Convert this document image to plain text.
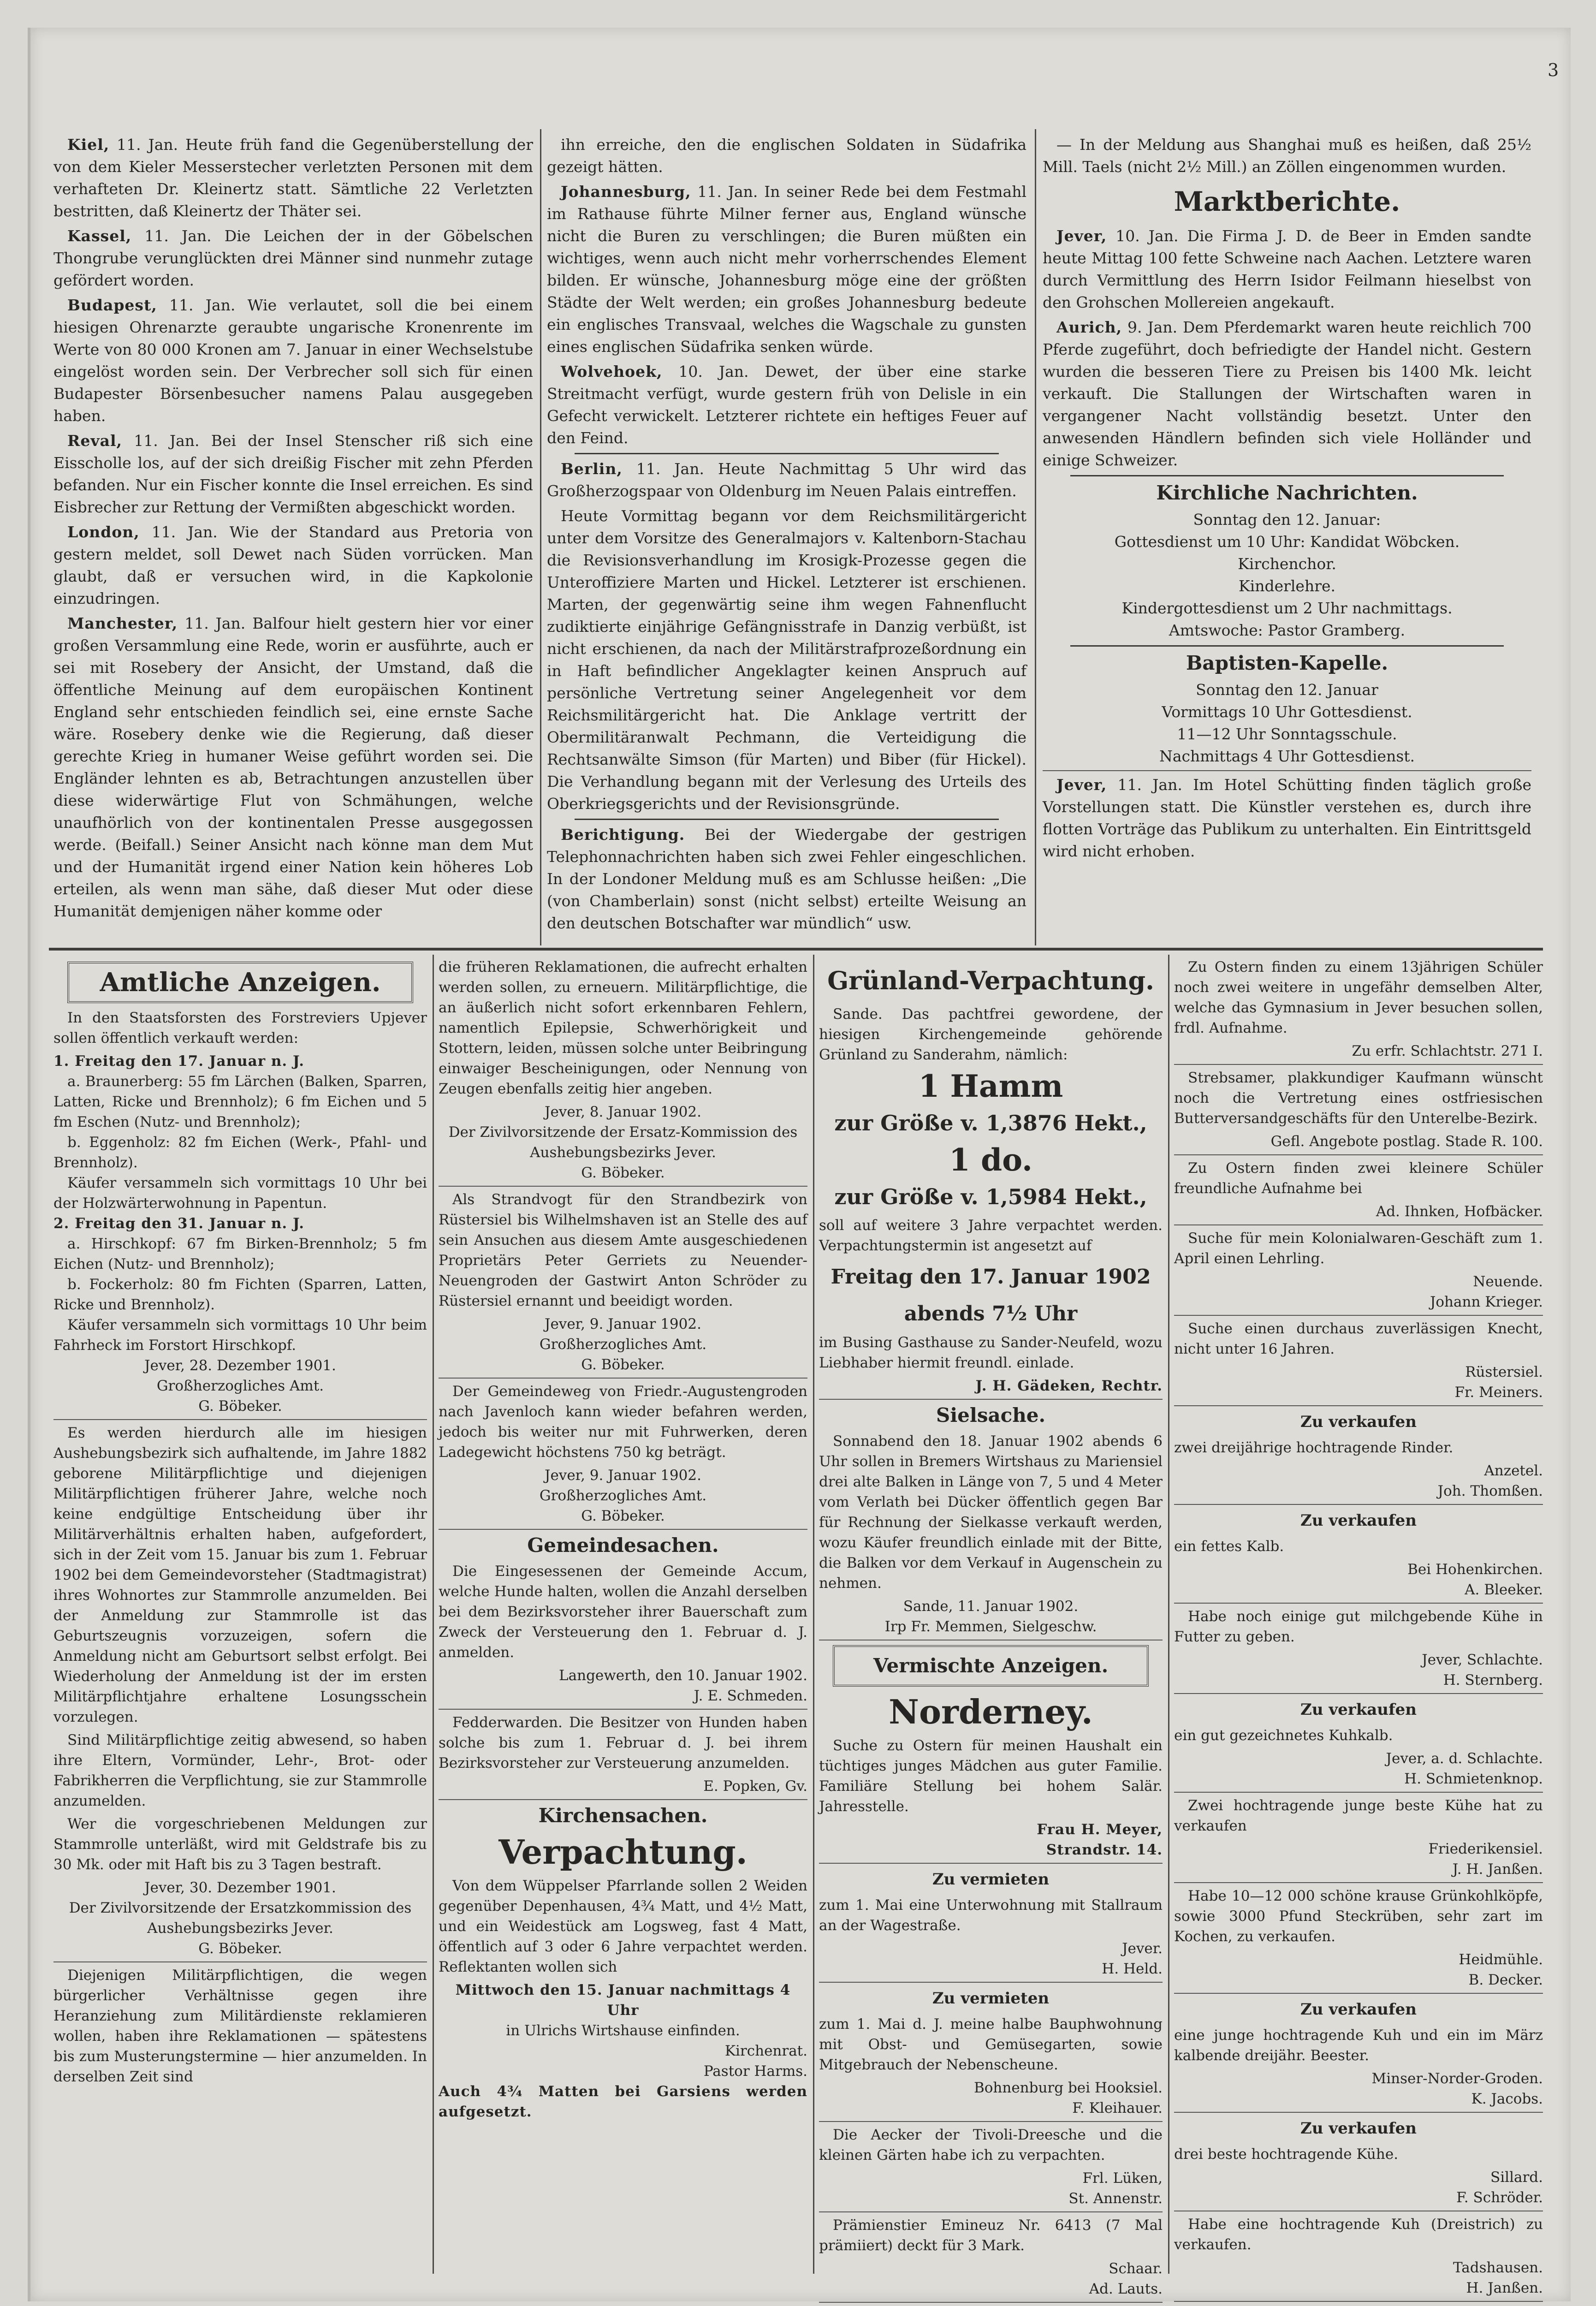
3

Kiel, 11. Jan. Heute früh fand die Gegenüberstellung der von dem Kieler Messerstecher verletzten Personen mit dem verhafteten Dr. Kleinertz statt. Sämtliche 22 Verletzten bestritten, daß Kleinertz der Thäter sei.

Kassel, 11. Jan. Die Leichen der in der Göbelschen Thongrube verunglückten drei Männer sind nunmehr zutage gefördert worden.

Budapest, 11. Jan. Wie verlautet, soll die bei einem hiesigen Ohrenarzte geraubte ungarische Kronenrente im Werte von 80 000 Kronen am 7. Januar in einer Wechselstube eingelöst worden sein. Der Verbrecher soll sich für einen Budapester Börsenbesucher namens Palau ausgegeben haben.

Reval, 11. Jan. Bei der Insel Stenscher riß sich eine Eisscholle los, auf der sich dreißig Fischer mit zehn Pferden befanden. Nur ein Fischer konnte die Insel erreichen. Es sind Eisbrecher zur Rettung der Vermißten abgeschickt worden.

London, 11. Jan. Wie der Standard aus Pretoria von gestern meldet, soll Dewet nach Süden vorrücken. Man glaubt, daß er versuchen wird, in die Kapkolonie einzudringen.

Manchester, 11. Jan. Balfour hielt gestern hier vor einer großen Versammlung eine Rede, worin er ausführte, auch er sei mit Rosebery der Ansicht, der Umstand, daß die öffentliche Meinung auf dem europäischen Kontinent England sehr entschieden feindlich sei, eine ernste Sache wäre. Rosebery denke wie die Regierung, daß dieser gerechte Krieg in humaner Weise geführt worden sei. Die Engländer lehnten es ab, Betrachtungen anzustellen über diese widerwärtige Flut von Schmähungen, welche unaufhörlich von der kontinentalen Presse ausgegossen werde. (Beifall.) Seiner Ansicht nach könne man dem Mut und der Humanität irgend einer Nation kein höheres Lob erteilen, als wenn man sähe, daß dieser Mut oder diese Humanität demjenigen näher komme oder

ihn erreiche, den die englischen Soldaten in Südafrika gezeigt hätten.

Johannesburg, 11. Jan. In seiner Rede bei dem Festmahl im Rathause führte Milner ferner aus, England wünsche nicht die Buren zu verschlingen; die Buren müßten ein wichtiges, wenn auch nicht mehr vorherrschendes Element bilden. Er wünsche, Johannesburg möge eine der größten Städte der Welt werden; ein großes Johannesburg bedeute ein englisches Transvaal, welches die Wagschale zu gunsten eines englischen Südafrika senken würde.

Wolvehoek, 10. Jan. Dewet, der über eine starke Streitmacht verfügt, wurde gestern früh von Delisle in ein Gefecht verwickelt. Letzterer richtete ein heftiges Feuer auf den Feind.

Berlin, 11. Jan. Heute Nachmittag 5 Uhr wird das Großherzogspaar von Oldenburg im Neuen Palais eintreffen.

Heute Vormittag begann vor dem Reichsmilitärgericht unter dem Vorsitze des Generalmajors v. Kaltenborn-Stachau die Revisionsverhandlung im Krosigk-Prozesse gegen die Unteroffiziere Marten und Hickel. Letzterer ist erschienen. Marten, der gegenwärtig seine ihm wegen Fahnenflucht zudiktierte einjährige Gefängnisstrafe in Danzig verbüßt, ist nicht erschienen, da nach der Militärstrafprozeßordnung ein in Haft befindlicher Angeklagter keinen Anspruch auf persönliche Vertretung seiner Angelegenheit vor dem Reichsmilitärgericht hat. Die Anklage vertritt der Obermilitäranwalt Pechmann, die Verteidigung die Rechtsanwälte Simson (für Marten) und Biber (für Hickel). Die Verhandlung begann mit der Verlesung des Urteils des Oberkriegsgerichts und der Revisionsgründe.

Berichtigung. Bei der Wiedergabe der gestrigen Telephonnachrichten haben sich zwei Fehler eingeschlichen. In der Londoner Meldung muß es am Schlusse heißen: „Die (von Chamberlain) sonst (nicht selbst) erteilte Weisung an den deutschen Botschafter war mündlich“ usw.

— In der Meldung aus Shanghai muß es heißen, daß 25½ Mill. Taels (nicht 2½ Mill.) an Zöllen eingenommen wurden.

Marktberichte.

Jever, 10. Jan. Die Firma J. D. de Beer in Emden sandte heute Mittag 100 fette Schweine nach Aachen. Letztere waren durch Vermittlung des Herrn Isidor Feilmann hieselbst von den Grohschen Mollereien angekauft.

Aurich, 9. Jan. Dem Pferdemarkt waren heute reichlich 700 Pferde zugeführt, doch befriedigte der Handel nicht. Gestern wurden die besseren Tiere zu Preisen bis 1400 Mk. leicht verkauft. Die Stallungen der Wirtschaften waren in vergangener Nacht vollständig besetzt. Unter den anwesenden Händlern befinden sich viele Holländer und einige Schweizer.

Kirchliche Nachrichten.
Sonntag den 12. Januar:
Gottesdienst um 10 Uhr: Kandidat Wöbcken.
Kirchenchor.
Kinderlehre.
Kindergottesdienst um 2 Uhr nachmittags.
Amtswoche: Pastor Gramberg.
Baptisten-Kapelle.
Sonntag den 12. Januar
Vormittags 10 Uhr Gottesdienst.
11—12 Uhr Sonntagsschule.
Nachmittags 4 Uhr Gottesdienst.

Jever, 11. Jan. Im Hotel Schütting finden täglich große Vorstellungen statt. Die Künstler verstehen es, durch ihre flotten Vorträge das Publikum zu unterhalten. Ein Eintrittsgeld wird nicht erhoben.

Amtliche Anzeigen.

In den Staatsforsten des Forstreviers Upjever sollen öffentlich verkauft werden:

1. Freitag den 17. Januar n. J.
a. Braunerberg: 55 fm Lärchen (Balken, Sparren, Latten, Ricke und Brennholz); 6 fm Eichen und 5 fm Eschen (Nutz- und Brennholz);
b. Eggenholz: 82 fm Eichen (Werk-, Pfahl- und Brennholz).
Käufer versammeln sich vormittags 10 Uhr bei der Holzwärterwohnung in Papentun.
2. Freitag den 31. Januar n. J.
a. Hirschkopf: 67 fm Birken-Brennholz; 5 fm Eichen (Nutz- und Brennholz);
b. Fockerholz: 80 fm Fichten (Sparren, Latten, Ricke und Brennholz).
Käufer versammeln sich vormittags 10 Uhr beim Fahrheck im Forstort Hirschkopf.
Jever, 28. Dezember 1901.
Großherzogliches Amt.
G. Böbeker.

Es werden hierdurch alle im hiesigen Aushebungsbezirk sich aufhaltende, im Jahre 1882 geborene Militärpflichtige und diejenigen Militärpflichtigen früherer Jahre, welche noch keine endgültige Entscheidung über ihr Militärverhältnis erhalten haben, aufgefordert, sich in der Zeit vom 15. Januar bis zum 1. Februar 1902 bei dem Gemeindevorsteher (Stadtmagistrat) ihres Wohnortes zur Stammrolle anzumelden. Bei der Anmeldung zur Stammrolle ist das Geburtszeugnis vorzuzeigen, sofern die Anmeldung nicht am Geburtsort selbst erfolgt. Bei Wiederholung der Anmeldung ist der im ersten Militärpflichtjahre erhaltene Losungsschein vorzulegen.

Sind Militärpflichtige zeitig abwesend, so haben ihre Eltern, Vormünder, Lehr-, Brot- oder Fabrikherren die Verpflichtung, sie zur Stammrolle anzumelden.

Wer die vorgeschriebenen Meldungen zur Stammrolle unterläßt, wird mit Geldstrafe bis zu 30 Mk. oder mit Haft bis zu 3 Tagen bestraft.

Jever, 30. Dezember 1901.
Der Zivilvorsitzende der Ersatzkommission des Aushebungsbezirks Jever.
G. Böbeker.

Diejenigen Militärpflichtigen, die wegen bürgerlicher Verhältnisse gegen ihre Heranziehung zum Militärdienste reklamieren wollen, haben ihre Reklamationen — spätestens bis zum Musterungstermine — hier anzumelden. In derselben Zeit sind

die früheren Reklamationen, die aufrecht erhalten werden sollen, zu erneuern. Militärpflichtige, die an äußerlich nicht sofort erkennbaren Fehlern, namentlich Epilepsie, Schwerhörigkeit und Stottern, leiden, müssen solche unter Beibringung einwaiger Bescheinigungen, oder Nennung von Zeugen ebenfalls zeitig hier angeben.

Jever, 8. Januar 1902.
Der Zivilvorsitzende der Ersatz-Kommission des Aushebungsbezirks Jever.
G. Böbeker.

Als Strandvogt für den Strandbezirk von Rüstersiel bis Wilhelmshaven ist an Stelle des auf sein Ansuchen aus diesem Amte ausgeschiedenen Proprietärs Peter Gerriets zu Neuender-Neuengroden der Gastwirt Anton Schröder zu Rüstersiel ernannt und beeidigt worden.

Jever, 9. Januar 1902.
Großherzogliches Amt.
G. Böbeker.

Der Gemeindeweg von Friedr.-Augustengroden nach Javenloch kann wieder befahren werden, jedoch bis weiter nur mit Fuhrwerken, deren Ladegewicht höchstens 750 kg beträgt.

Jever, 9. Januar 1902.
Großherzogliches Amt.
G. Böbeker.
Gemeindesachen.

Die Eingesessenen der Gemeinde Accum, welche Hunde halten, wollen die Anzahl derselben bei dem Bezirksvorsteher ihrer Bauerschaft zum Zweck der Versteuerung den 1. Februar d. J. anmelden.

Langewerth, den 10. Januar 1902.
J. E. Schmeden.

Fedderwarden. Die Besitzer von Hunden haben solche bis zum 1. Februar d. J. bei ihrem Bezirksvorsteher zur Versteuerung anzumelden.

E. Popken, Gv.
Kirchensachen.
Verpachtung.

Von dem Wüppelser Pfarrlande sollen 2 Weiden gegenüber Depenhausen, 4¾ Matt, und 4½ Matt, und ein Weidestück am Logsweg, fast 4 Matt, öffentlich auf 3 oder 6 Jahre verpachtet werden. Reflektanten wollen sich

Mittwoch den 15. Januar nachmittags 4 Uhr
in Ulrichs Wirtshause einfinden.
Kirchenrat.
Pastor Harms.
Auch 4¾ Matten bei Garsiens werden aufgesetzt.
Grünland-Verpachtung.

Sande. Das pachtfrei gewordene, der hiesigen Kirchengemeinde gehörende Grünland zu Sanderahm, nämlich:

1 Hamm
zur Größe v. 1,3876 Hekt.,
1 do.
zur Größe v. 1,5984 Hekt.,

soll auf weitere 3 Jahre verpachtet werden. Verpachtungstermin ist angesetzt auf

Freitag den 17. Januar 1902
abends 7½ Uhr

im Busing Gasthause zu Sander-Neufeld, wozu Liebhaber hiermit freundl. einlade.

J. H. Gädeken, Rechtr.
Sielsache.

Sonnabend den 18. Januar 1902 abends 6 Uhr sollen in Bremers Wirtshaus zu Mariensiel drei alte Balken in Länge von 7, 5 und 4 Meter vom Verlath bei Dücker öffentlich gegen Bar für Rechnung der Sielkasse verkauft werden, wozu Käufer freundlich einlade mit der Bitte, die Balken vor dem Verkauf in Augenschein zu nehmen.

Sande, 11. Januar 1902.
Irp Fr. Memmen, Sielgeschw.
Vermischte Anzeigen.
Norderney.

Suche zu Ostern für meinen Haushalt ein tüchtiges junges Mädchen aus guter Familie. Familiäre Stellung bei hohem Salär. Jahresstelle.

Frau H. Meyer,
Strandstr. 14.
Zu vermieten

zum 1. Mai eine Unterwohnung mit Stallraum an der Wagestraße.

Jever.
H. Held.
Zu vermieten

zum 1. Mai d. J. meine halbe Bauphwohnung mit Obst- und Gemüsegarten, sowie Mitgebrauch der Nebenscheune.

Bohnenburg bei Hooksiel.
F. Kleihauer.

Die Aecker der Tivoli-Dreesche und die kleinen Gärten habe ich zu verpachten.

Frl. Lüken,
St. Annenstr.

Prämienstier Emineuz Nr. 6413 (7 Mal prämiiert) deckt für 3 Mark.

Schaar.
Ad. Lauts.

Zu Ostern finden zu einem 13jährigen Schüler noch zwei weitere in ungefähr demselben Alter, welche das Gymnasium in Jever besuchen sollen, frdl. Aufnahme.

Zu erfr. Schlachtstr. 271 I.

Strebsamer, plakkundiger Kaufmann wünscht noch die Vertretung eines ostfriesischen Butterversandgeschäfts für den Unterelbe-Bezirk.

Gefl. Angebote postlag. Stade R. 100.

Zu Ostern finden zwei kleinere Schüler freundliche Aufnahme bei

Ad. Ihnken, Hofbäcker.

Suche für mein Kolonialwaren-Geschäft zum 1. April einen Lehrling.

Neuende.
Johann Krieger.

Suche einen durchaus zuverlässigen Knecht, nicht unter 16 Jahren.

Rüstersiel.
Fr. Meiners.
Zu verkaufen

zwei dreijährige hochtragende Rinder.

Anzetel.
Joh. Thomßen.
Zu verkaufen

ein fettes Kalb.

Bei Hohenkirchen.
A. Bleeker.

Habe noch einige gut milchgebende Kühe in Futter zu geben.

Jever, Schlachte.
H. Sternberg.
Zu verkaufen

ein gut gezeichnetes Kuhkalb.

Jever, a. d. Schlachte.
H. Schmietenknop.

Zwei hochtragende junge beste Kühe hat zu verkaufen

Friederikensiel.
J. H. Janßen.

Habe 10—12 000 schöne krause Grünkohlköpfe, sowie 3000 Pfund Steckrüben, sehr zart im Kochen, zu verkaufen.

Heidmühle.
B. Decker.
Zu verkaufen

eine junge hochtragende Kuh und ein im März kalbende dreijähr. Beester.

Minser-Norder-Groden.
K. Jacobs.
Zu verkaufen

drei beste hochtragende Kühe.

Sillard.
F. Schröder.

Habe eine hochtragende Kuh (Dreistrich) zu verkaufen.

Tadshausen.
H. Janßen.
